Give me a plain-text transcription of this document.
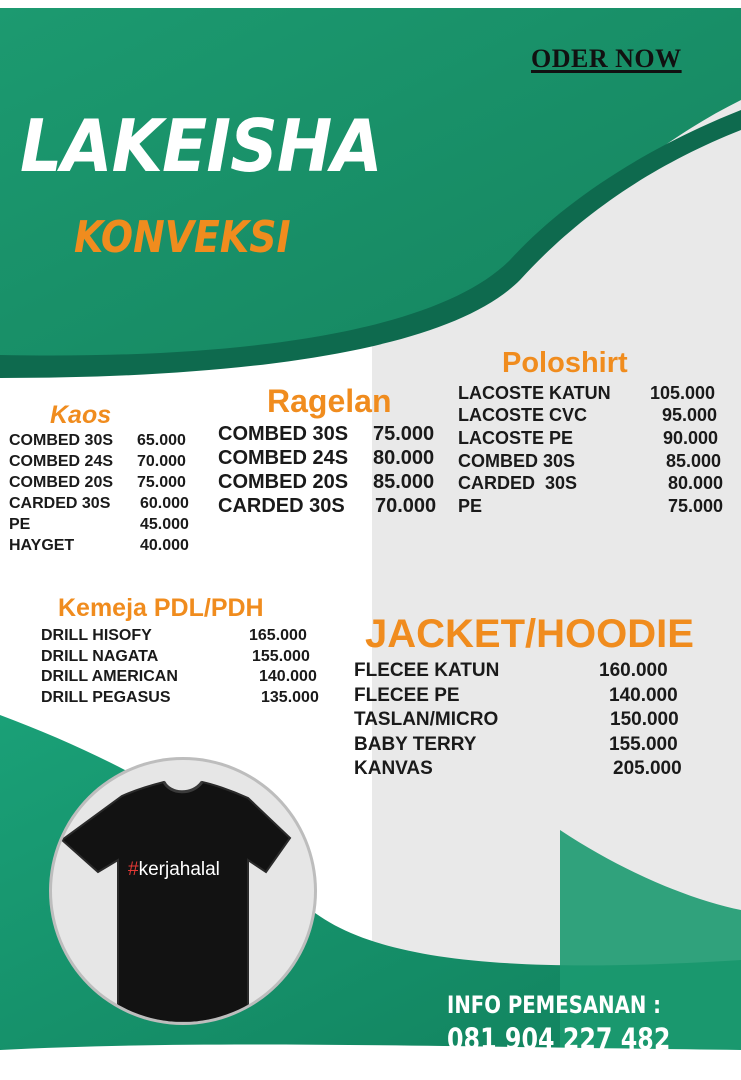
ODER NOW
LAKEISHA
KONVEKSI
Kaos
COMBED 30S 65.000
COMBED 24S 70.000
COMBED 20S 75.000
CARDED 30S 60.000
PE	45.000
HAYGET	40.000
Ragelan
COMBED 30S 75.000
COMBED 24S 80.000
COMBED 20S 85.000
CARDED 30S 70.000
Poloshirt
LACOSTE KATUN 105.000
LACOSTE CVC	95.000
LACOSTE PE	90.000
COMBED 30S	85.000
CARDED  30S	80.000
PE	75.000
Kemeja PDL/PDH
DRILL HISOFY	165.000
DRILL NAGATA	155.000
DRILL AMERICAN	140.000
DRILL PEGASUS	135.000
JACKET/HOODIE
FLECEE KATUN	160.000
FLECEE PE	140.000
TASLAN/MICRO	150.000
BABY TERRY	155.000
KANVAS	205.000
#kerjahalal
INFO PEMESANAN :
081 904 227 482
